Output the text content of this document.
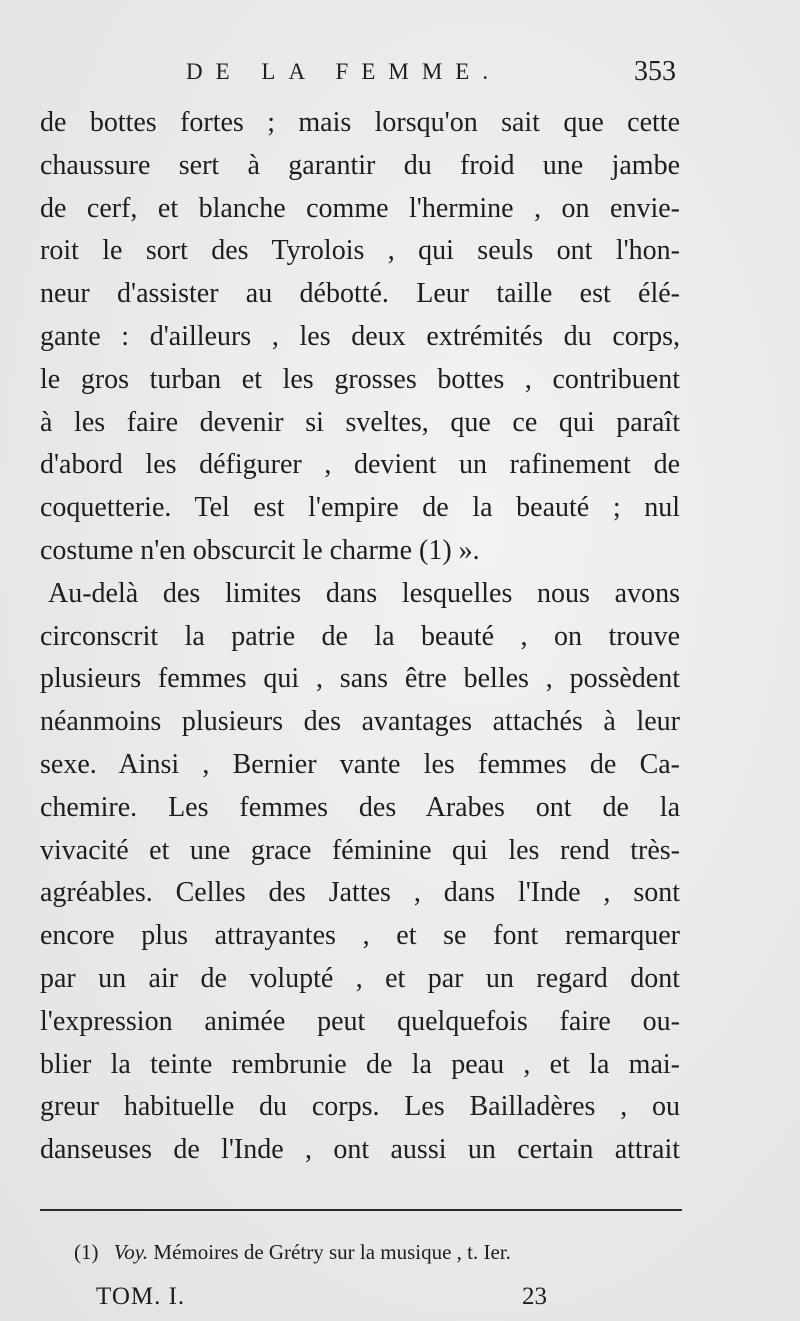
DE LA FEMME.	353
de bottes fortes ; mais lorsqu'on sait que cette
chaussure sert à garantir du froid une jambe
de cerf, et blanche comme l'hermine , on envie-
roit le sort des Tyrolois , qui seuls ont l'hon-
neur d'assister au débotté. Leur taille est élé-
gante : d'ailleurs , les deux extrémités du corps,
le gros turban et les grosses bottes , contribuent
à les faire devenir si sveltes, que ce qui paraît
d'abord les défigurer , devient un rafinement de
coquetterie. Tel est l'empire de la beauté ; nul
costume n'en obscurcit le charme (1) ».
Au-delà des limites dans lesquelles nous avons
circonscrit la patrie de la beauté , on trouve
plusieurs femmes qui , sans être belles , possèdent
néanmoins plusieurs des avantages attachés à leur
sexe. Ainsi , Bernier vante les femmes de Ca-
chemire. Les femmes des Arabes ont de la
vivacité et une grace féminine qui les rend très-
agréables. Celles des Jattes , dans l'Inde , sont
encore plus attrayantes , et se font remarquer
par un air de volupté , et par un regard dont
l'expression animée peut quelquefois faire ou-
blier la teinte rembrunie de la peau , et la mai-
greur habituelle du corps. Les Bailladères , ou
danseuses de l'Inde , ont aussi un certain attrait
(1) Voy. Mémoires de Grétry sur la musique , t. Ier.
TOM. I.	23
